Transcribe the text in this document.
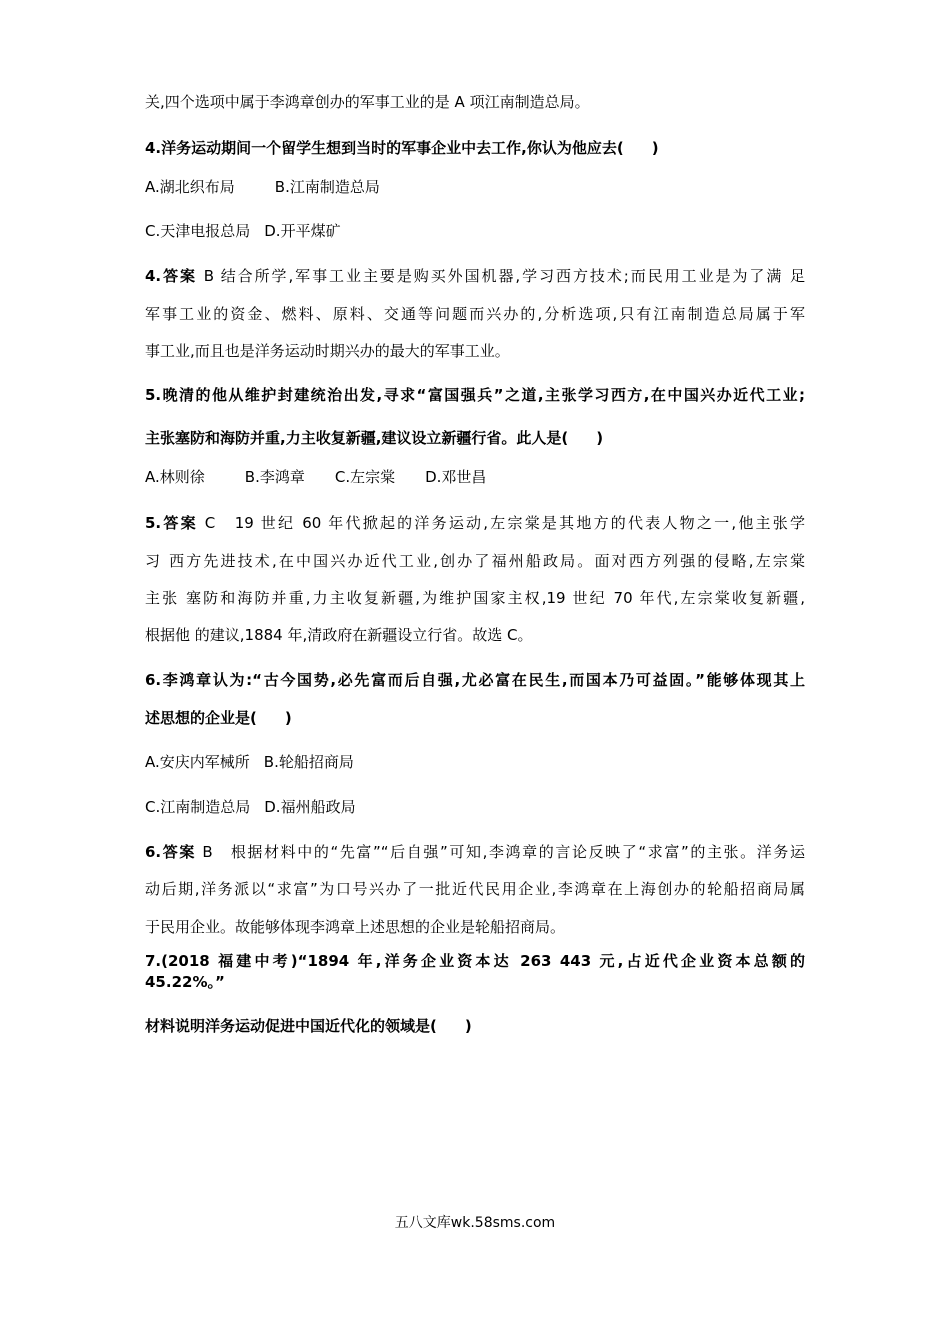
关,四个选项中属于李鸿章创办的军事工业的是 A 项江南制造总局。
4.洋务运动期间一个留学生想到当时的军事企业中去工作,你认为他应去( )
A.湖北织布局	B.江南制造总局
C.天津电报总局 D.开平煤矿
4.答案 B 结合所学,军事工业主要是购买外国机器,学习西方技术;而民用工业是为了满 足
军事工业的资金、燃料、原料、交通等问题而兴办的,分析选项,只有江南制造总局属于军
事工业,而且也是洋务运动时期兴办的最大的军事工业。
5.晚清的他从维护封建统治出发,寻求“富国强兵”之道,主张学习西方,在中国兴办近代工业;
主张塞防和海防并重,力主收复新疆,建议设立新疆行省。此人是( )
A.林则徐	B.李鸿章 C.左宗棠 D.邓世昌
5.答案 C　19 世纪 60 年代掀起的洋务运动,左宗棠是其地方的代表人物之一,他主张学
习 西方先进技术,在中国兴办近代工业,创办了福州船政局。面对西方列强的侵略,左宗棠
主张 塞防和海防并重,力主收复新疆,为维护国家主权,19 世纪 70 年代,左宗棠收复新疆,
根据他 的建议,1884 年,清政府在新疆设立行省。故选 C。
6.李鸿章认为:“古今国势,必先富而后自强,尤必富在民生,而国本乃可益固。”能够体现其上
述思想的企业是( )
A.安庆内军械所 B.轮船招商局
C.江南制造总局 D.福州船政局
6.答案 B　根据材料中的“先富”“后自强”可知,李鸿章的言论反映了“求富”的主张。洋务运
动后期,洋务派以“求富”为口号兴办了一批近代民用企业,李鸿章在上海创办的轮船招商局属
于民用企业。故能够体现李鸿章上述思想的企业是轮船招商局。
7.(2018 福建中考)“1894 年,洋务企业资本达 263 443 元,占近代企业资本总额的
45.22%。”
材料说明洋务运动促进中国近代化的领域是( )
五八文库wk.58sms.com
